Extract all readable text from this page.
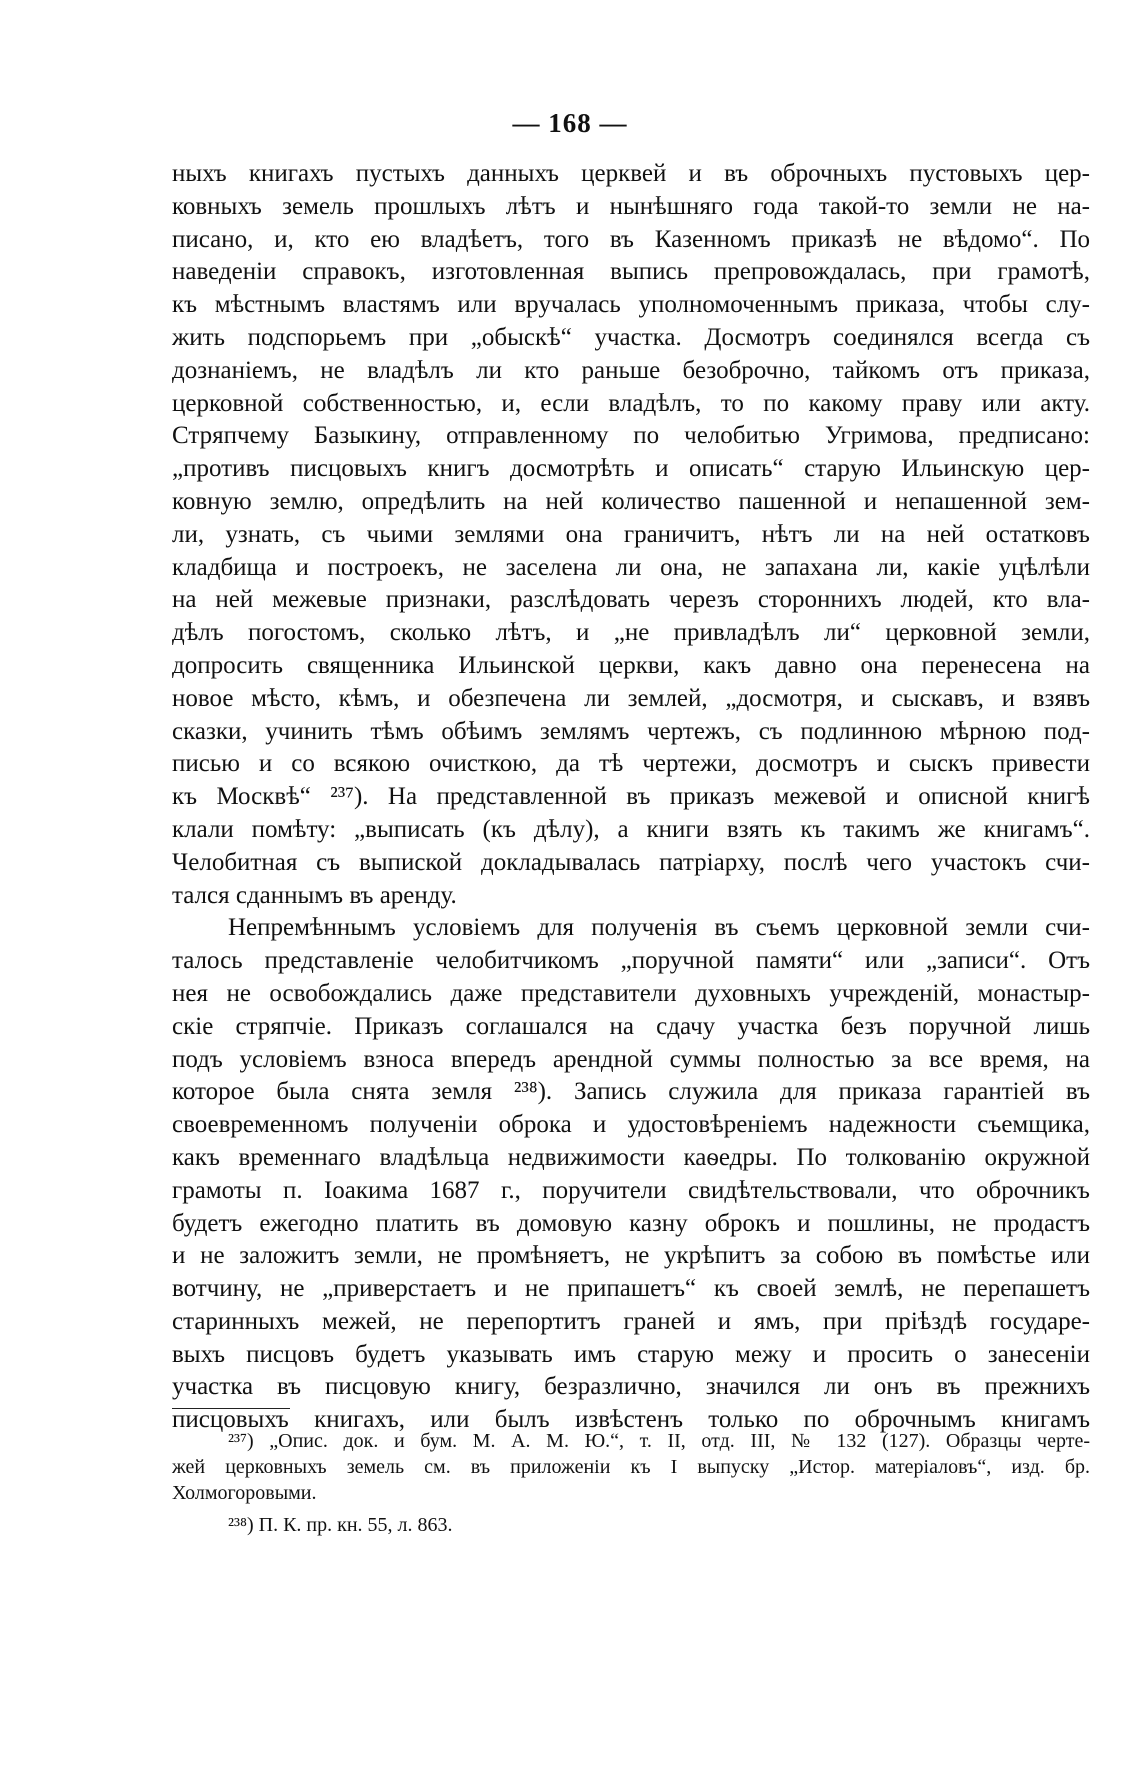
— 168 —
ныхъ книгахъ пустыхъ данныхъ церквей и въ оброчныхъ пустовыхъ цер-
ковныхъ земель прошлыхъ лѣтъ и нынѣшняго года такой-то земли не на-
писано, и, кто ею владѣетъ, того въ Казенномъ приказѣ не вѣдомо“. По
наведеніи справокъ, изготовленная выпись препровождалась, при грамотѣ,
къ мѣстнымъ властямъ или вручалась уполномоченнымъ приказа, чтобы слу-
жить подспорьемъ при „обыскѣ“ участка. Досмотръ соединялся всегда съ
дознаніемъ, не владѣлъ ли кто раньше безоброчно, тайкомъ отъ приказа,
церковной собственностью, и, если владѣлъ, то по какому праву или акту.
Стряпчему Базыкину, отправленному по челобитью Угримова, предписано:
„противъ писцовыхъ книгъ досмотрѣть и описать“ старую Ильинскую цер-
ковную землю, опредѣлить на ней количество пашенной и непашенной зем-
ли, узнать, съ чьими землями она граничитъ, нѣтъ ли на ней остатковъ
кладбища и построекъ, не заселена ли она, не запахана ли, какіе уцѣлѣли
на ней межевые признаки, разслѣдовать черезъ стороннихъ людей, кто вла-
дѣлъ погостомъ, сколько лѣтъ, и „не привладѣлъ ли“ церковной земли,
допросить священника Ильинской церкви, какъ давно она перенесена на
новое мѣсто, кѣмъ, и обезпечена ли землей, „досмотря, и сыскавъ, и взявъ
сказки, учинить тѣмъ обѣимъ землямъ чертежъ, съ подлинною мѣрною под-
писью и со всякою очисткою, да тѣ чертежи, досмотръ и сыскъ привести
къ Москвѣ“ ²³⁷). На представленной въ приказъ межевой и описной книгѣ
клали помѣту: „выписать (къ дѣлу), а книги взять къ такимъ же книгамъ“.
Челобитная съ выпиской докладывалась патріарху, послѣ чего участокъ счи-
тался сданнымъ въ аренду.
Непремѣннымъ условіемъ для полученія въ съемъ церковной земли счи-
талось представленіе челобитчикомъ „поручной памяти“ или „записи“. Отъ
нея не освобождались даже представители духовныхъ учрежденій, монастыр-
скіе стряпчіе. Приказъ соглашался на сдачу участка безъ поручной лишь
подъ условіемъ взноса впередъ арендной суммы полностью за все время, на
которое была снята земля ²³⁸). Запись служила для приказа гарантіей въ
своевременномъ полученіи оброка и удостовѣреніемъ надежности съемщика,
какъ временнаго владѣльца недвижимости каѳедры. По толкованію окружной
грамоты п. Іоакима 1687 г., поручители свидѣтельствовали, что оброчникъ
будетъ ежегодно платить въ домовую казну оброкъ и пошлины, не продастъ
и не заложитъ земли, не промѣняетъ, не укрѣпитъ за собою въ помѣстье или
вотчину, не „приверстаетъ и не припашетъ“ къ своей землѣ, не перепашетъ
старинныхъ межей, не перепортитъ граней и ямъ, при пріѣздѣ государе-
выхъ писцовъ будетъ указывать имъ старую межу и просить о занесеніи
участка въ писцовую книгу, безразлично, значился ли онъ въ прежнихъ
писцовыхъ книгахъ, или былъ извѣстенъ только по оброчнымъ книгамъ
²³⁷) „Опис. док. и бум. М. А. М. Ю.“, т. II, отд. III, № 132 (127). Образцы черте-
жей церковныхъ земель см. въ приложеніи къ I выпуску „Истор. матеріаловъ“, изд. бр.
Холмогоровыми.
²³⁸) П. К. пр. кн. 55, л. 863.
